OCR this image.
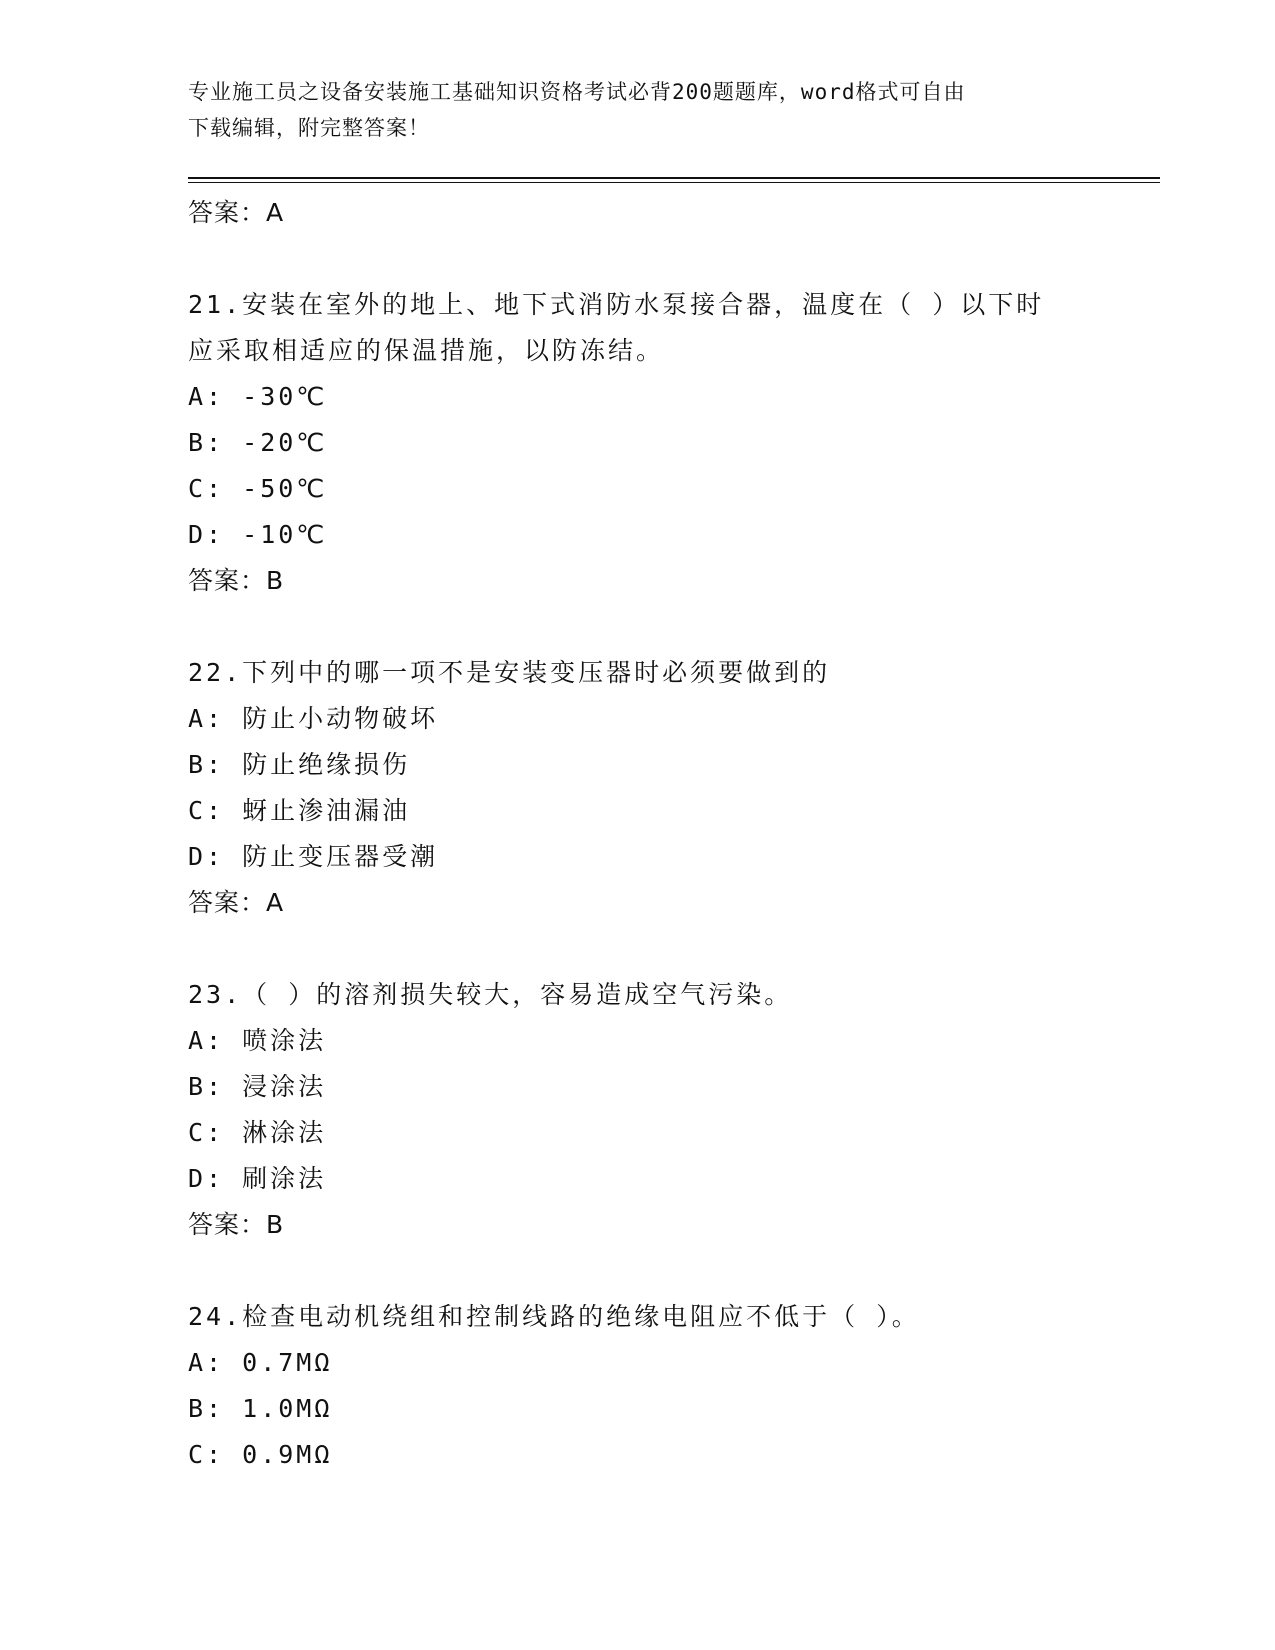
专业施工员之设备安装施工基础知识资格考试必背200题题库，word格式可自由
下载编辑，附完整答案！
答案：A
21.安装在室外的地上、地下式消防水泵接合器，温度在（ ）以下时
应采取相适应的保温措施，以防冻结。
A: -30℃
B: -20℃
C: -50℃
D: -10℃
答案：B
22.下列中的哪一项不是安装变压器时必须要做到的
A: 防止小动物破坏
B: 防止绝缘损伤
C: 蚜止渗油漏油
D: 防止变压器受潮
答案：A
23.（ ）的溶剂损失较大，容易造成空气污染。
A: 喷涂法
B: 浸涂法
C: 淋涂法
D: 刷涂法
答案：B
24.检查电动机绕组和控制线路的绝缘电阻应不低于（ ）。
A: 0.7MΩ
B: 1.0MΩ
C: 0.9MΩ
